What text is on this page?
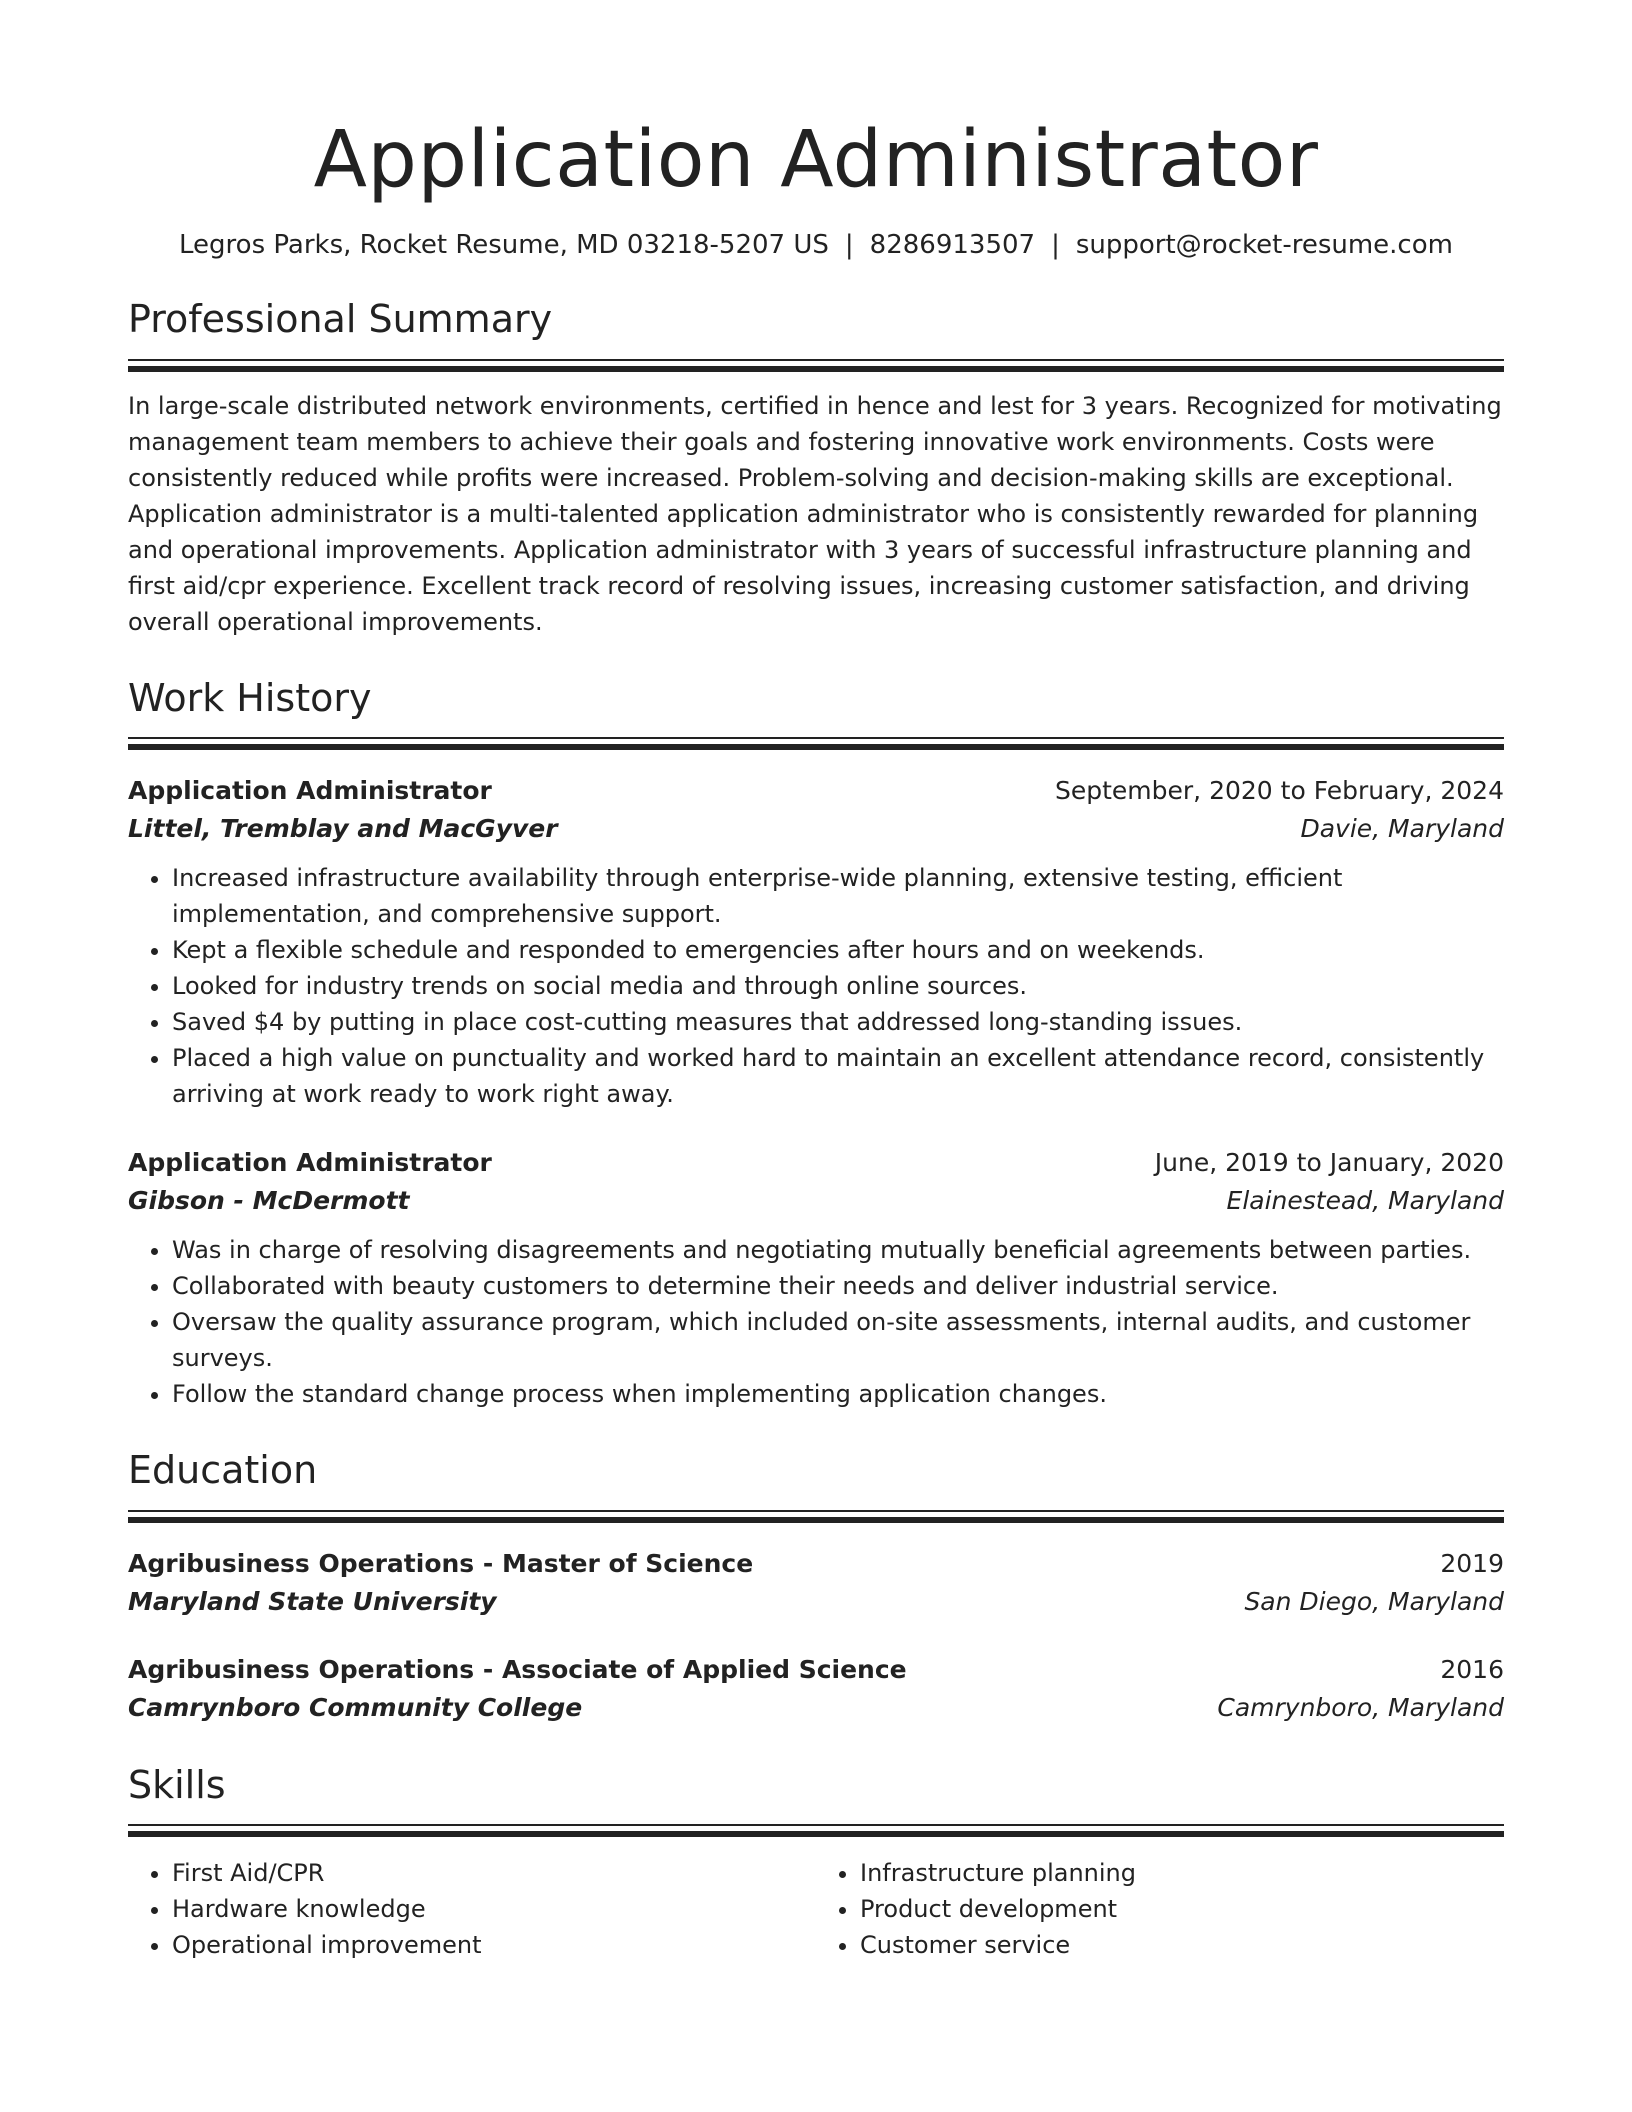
Application Administrator
Legros Parks, Rocket Resume, MD 03218-5207 US | 8286913507 | support@rocket-resume.com
Professional Summary
In large-scale distributed network environments, certified in hence and lest for 3 years. Recognized for motivating management team members to achieve their goals and fostering innovative work environments. Costs were consistently reduced while profits were increased. Problem-solving and decision-making skills are exceptional. Application administrator is a multi-talented application administrator who is consistently rewarded for planning and operational improvements. Application administrator with 3 years of successful infrastructure planning and first aid/cpr experience. Excellent track record of resolving issues, increasing customer satisfaction, and driving overall operational improvements.
Work History
Application Administrator	September, 2020 to February, 2024
Littel, Tremblay and MacGyver	Davie, Maryland
• Increased infrastructure availability through enterprise-wide planning, extensive testing, efficient implementation, and comprehensive support.
• Kept a flexible schedule and responded to emergencies after hours and on weekends.
• Looked for industry trends on social media and through online sources.
• Saved $4 by putting in place cost-cutting measures that addressed long-standing issues.
• Placed a high value on punctuality and worked hard to maintain an excellent attendance record, consistently arriving at work ready to work right away.
Application Administrator	June, 2019 to January, 2020
Gibson - McDermott	Elainestead, Maryland
• Was in charge of resolving disagreements and negotiating mutually beneficial agreements between parties.
• Collaborated with beauty customers to determine their needs and deliver industrial service.
• Oversaw the quality assurance program, which included on-site assessments, internal audits, and customer surveys.
• Follow the standard change process when implementing application changes.
Education
Agribusiness Operations - Master of Science	2019
Maryland State University	San Diego, Maryland
Agribusiness Operations - Associate of Applied Science	2016
Camrynboro Community College	Camrynboro, Maryland
Skills
• First Aid/CPR
• Hardware knowledge
• Operational improvement
• Infrastructure planning
• Product development
• Customer service
